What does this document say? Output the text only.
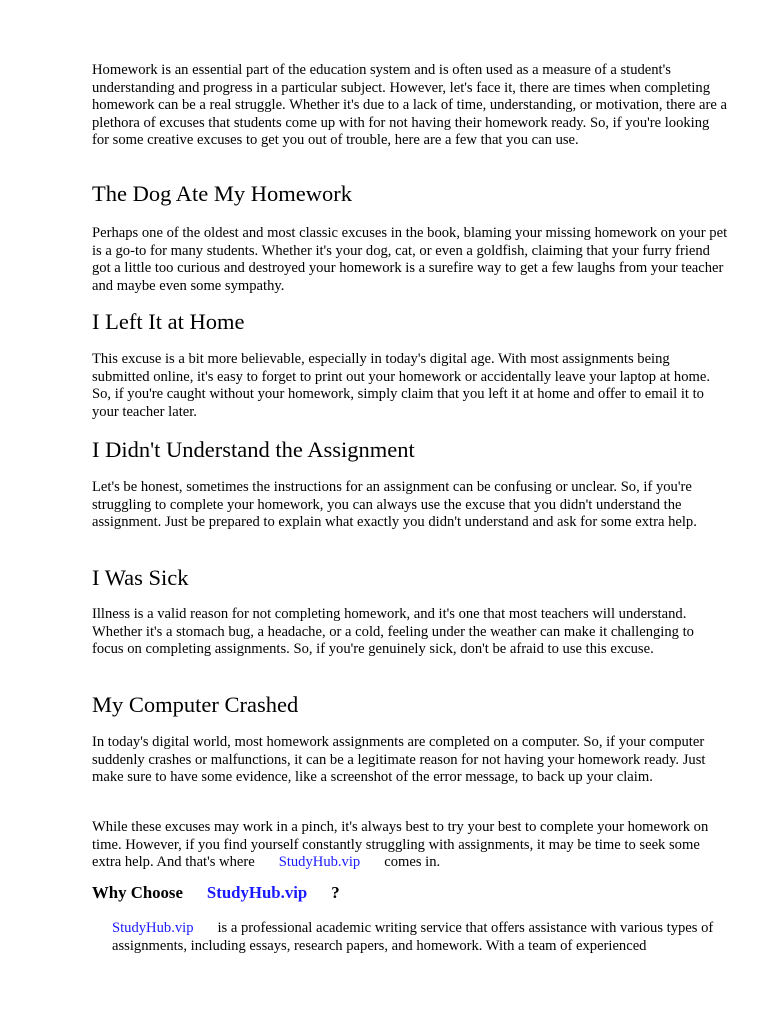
Homework is an essential part of the education system and is often used as a measure of a student's understanding and progress in a particular subject. However, let's face it, there are times when completing homework can be a real struggle. Whether it's due to a lack of time, understanding, or motivation, there are a plethora of excuses that students come up with for not having their homework ready. So, if you're looking for some creative excuses to get you out of trouble, here are a few that you can use.

The Dog Ate My Homework

Perhaps one of the oldest and most classic excuses in the book, blaming your missing homework on your pet is a go-to for many students. Whether it's your dog, cat, or even a goldfish, claiming that your furry friend got a little too curious and destroyed your homework is a surefire way to get a few laughs from your teacher and maybe even some sympathy.

I Left It at Home

This excuse is a bit more believable, especially in today's digital age. With most assignments being submitted online, it's easy to forget to print out your homework or accidentally leave your laptop at home. So, if you're caught without your homework, simply claim that you left it at home and offer to email it to your teacher later.

I Didn't Understand the Assignment

Let's be honest, sometimes the instructions for an assignment can be confusing or unclear. So, if you're struggling to complete your homework, you can always use the excuse that you didn't understand the assignment. Just be prepared to explain what exactly you didn't understand and ask for some extra help.

I Was Sick

Illness is a valid reason for not completing homework, and it's one that most teachers will understand. Whether it's a stomach bug, a headache, or a cold, feeling under the weather can make it challenging to focus on completing assignments. So, if you're genuinely sick, don't be afraid to use this excuse.

My Computer Crashed

In today's digital world, most homework assignments are completed on a computer. So, if your computer suddenly crashes or malfunctions, it can be a legitimate reason for not having your homework ready. Just make sure to have some evidence, like a screenshot of the error message, to back up your claim.

While these excuses may work in a pinch, it's always best to try your best to complete your homework on time. However, if you find yourself constantly struggling with assignments, it may be time to seek some extra help. And that's where StudyHub.vip comes in.

Why Choose StudyHub.vip ?

StudyHub.vip is a professional academic writing service that offers assistance with various types of assignments, including essays, research papers, and homework. With a team of experienced
